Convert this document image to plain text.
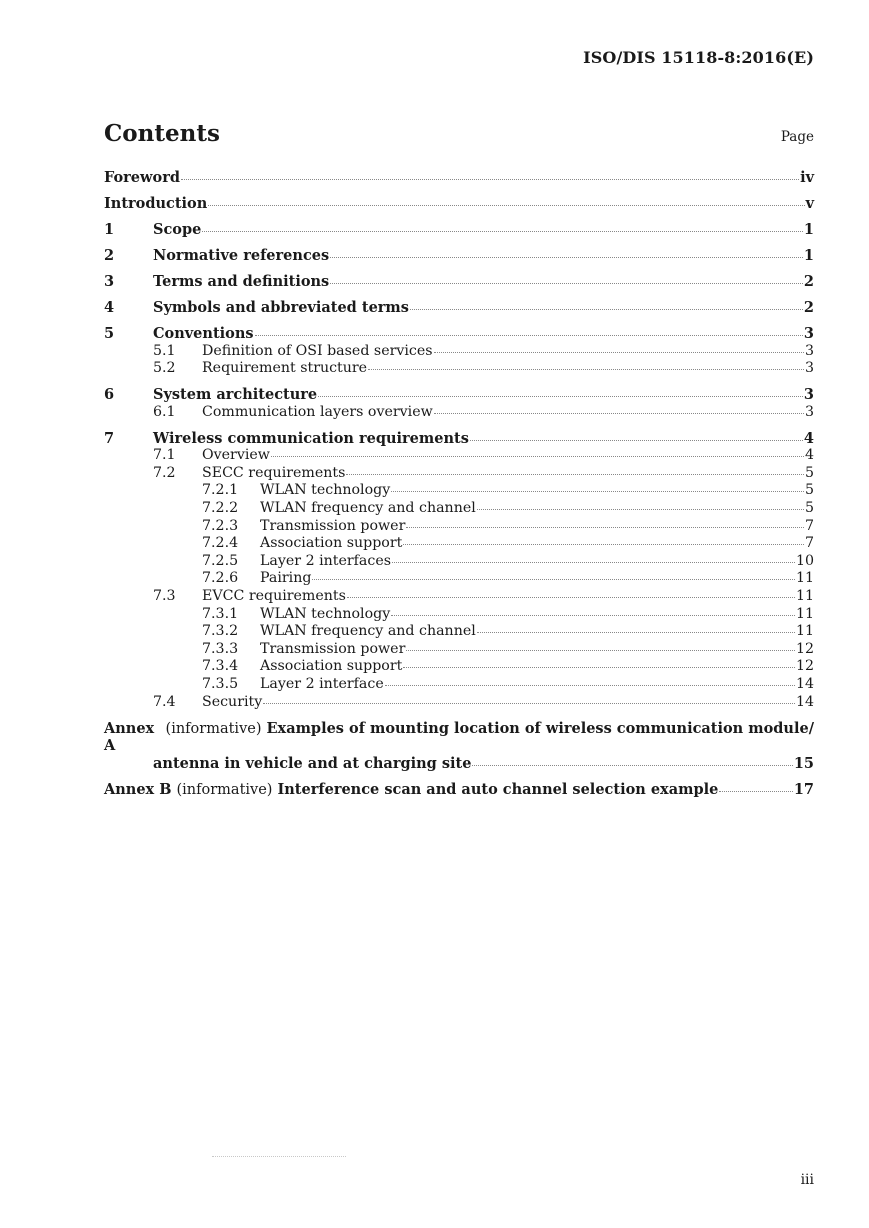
ISO/DIS 15118-8:2016(E)
Contents	Page
Foreword	iv
Introduction	v
1	Scope	1
2	Normative references	1
3	Terms and definitions	2
4	Symbols and abbreviated terms	2
5	Conventions	3
5.1	Definition of OSI based services	3
5.2	Requirement structure	3
6	System architecture	3
6.1	Communication layers overview	3
7	Wireless communication requirements	4
7.1	Overview	4
7.2	SECC requirements	5
7.2.1	WLAN technology	5
7.2.2	WLAN frequency and channel	5
7.2.3	Transmission power	7
7.2.4	Association support	7
7.2.5	Layer 2 interfaces	10
7.2.6	Pairing	11
7.3	EVCC requirements	11
7.3.1	WLAN technology	11
7.3.2	WLAN frequency and channel	11
7.3.3	Transmission power	12
7.3.4	Association support	12
7.3.5	Layer 2 interface	14
7.4	Security	14
Annex A
(informative) Examples of mounting location of wireless communication module/
antenna in vehicle and at charging site	15
Annex B (informative) Interference scan and auto channel selection example	17
iii
